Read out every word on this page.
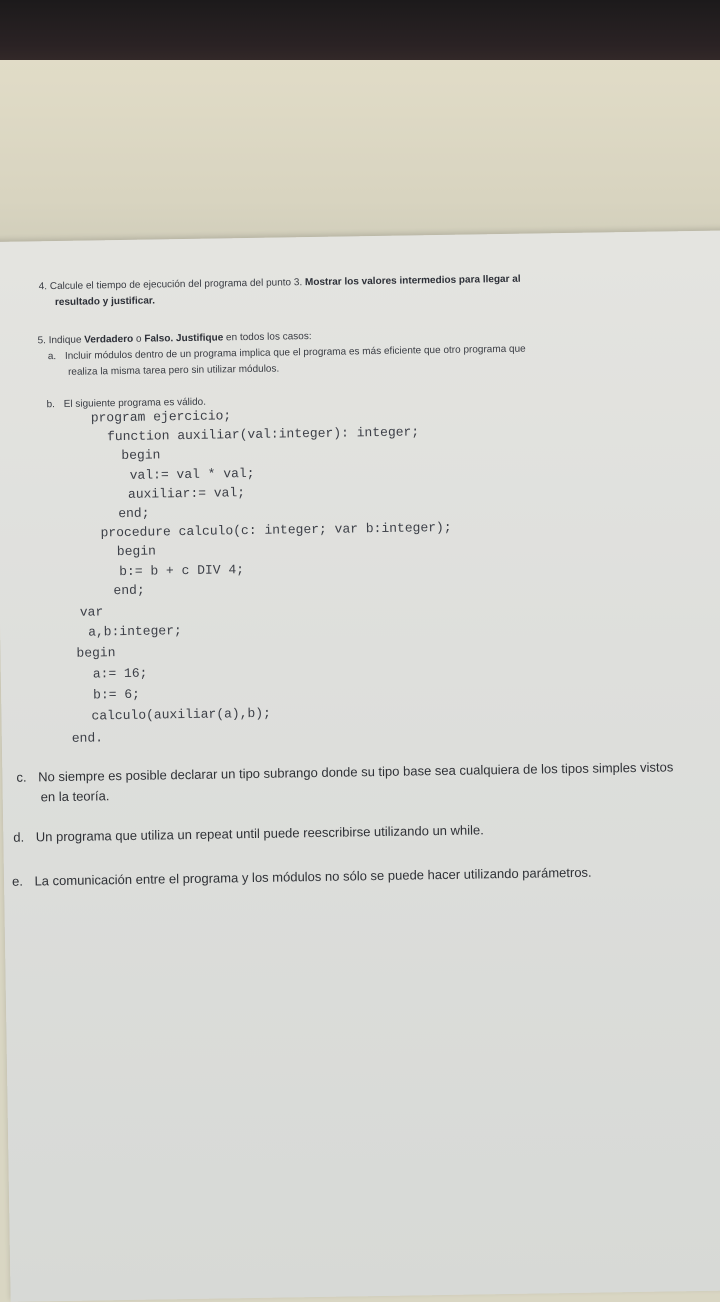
4. Calcule el tiempo de ejecución del programa del punto 3. Mostrar los valores intermedios para llegar al
resultado y justificar.
5. Indique Verdadero o Falso. Justifique en todos los casos:
a. Incluir módulos dentro de un programa implica que el programa es más eficiente que otro programa que
realiza la misma tarea pero sin utilizar módulos.
b. El siguiente programa es válido.
program ejercicio;
function auxiliar(val:integer): integer;
begin
val:= val * val;
auxiliar:= val;
end;
procedure calculo(c: integer; var b:integer);
begin
b:= b + c DIV 4;
end;
var
a,b:integer;
begin
a:= 16;
b:= 6;
calculo(auxiliar(a),b);
end.
c. No siempre es posible declarar un tipo subrango donde su tipo base sea cualquiera de los tipos simples vistos
en la teoría.
d. Un programa que utiliza un repeat until puede reescribirse utilizando un while.
e. La comunicación entre el programa y los módulos no sólo se puede hacer utilizando parámetros.
